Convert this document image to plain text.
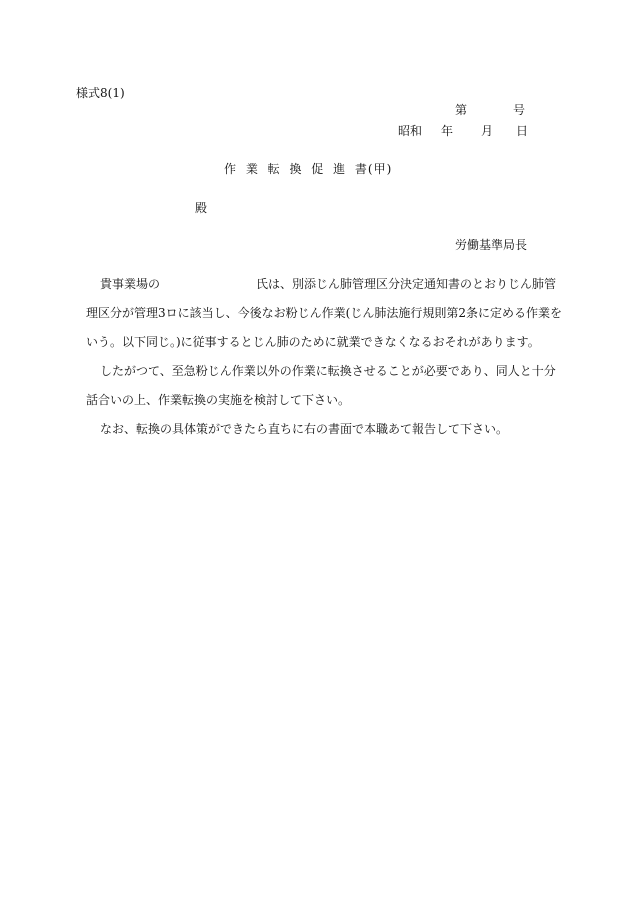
様式8(1)
第	号
昭和 年 月 日
作 業 転 換 促 進 書(甲)
殿
労働基準局長
貴事業場の	氏は、別添じん肺管理区分決定通知書のとおりじん肺管
理区分が管理3ロに該当し、今後なお粉じん作業(じん肺法施行規則第2条に定める作業を
いう。以下同じ。)に従事するとじん肺のために就業できなくなるおそれがあります。
したがつて、至急粉じん作業以外の作業に転換させることが必要であり、同人と十分
話合いの上、作業転換の実施を検討して下さい。
なお、転換の具体策ができたら直ちに右の書面で本職あて報告して下さい。
